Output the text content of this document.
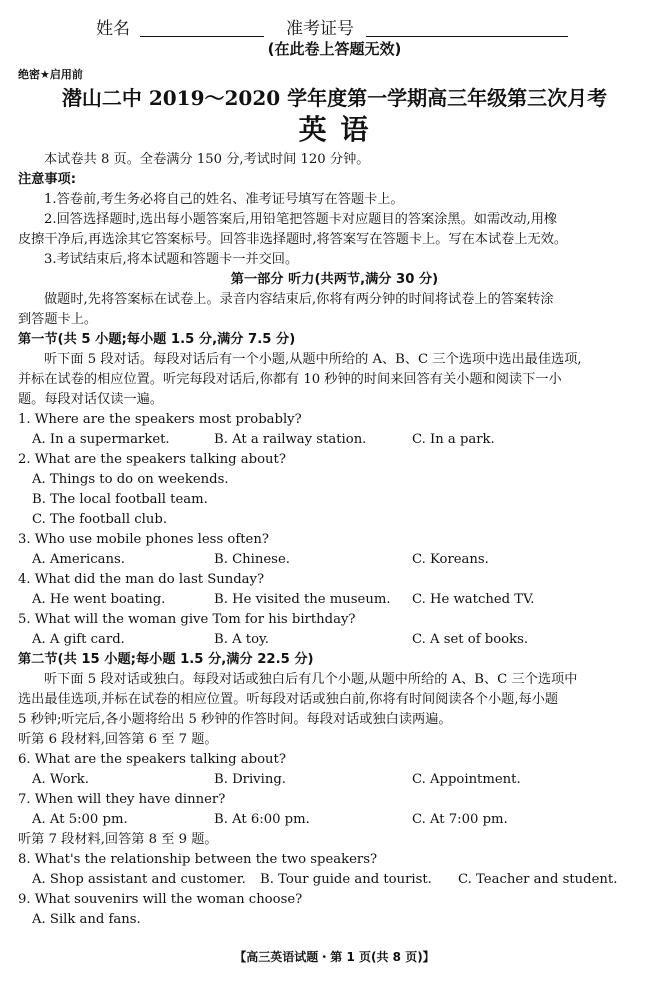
姓名	准考证号
(在此卷上答题无效)
绝密★启用前
潜山二中 2019～2020 学年度第一学期高三年级第三次月考
英 语
本试卷共 8 页。全卷满分 150 分,考试时间 120 分钟。
注意事项:
1.答卷前,考生务必将自己的姓名、准考证号填写在答题卡上。
2.回答选择题时,选出每小题答案后,用铅笔把答题卡对应题目的答案涂黑。如需改动,用橡
皮擦干净后,再选涂其它答案标号。回答非选择题时,将答案写在答题卡上。写在本试卷上无效。
3.考试结束后,将本试题和答题卡一并交回。
第一部分 听力(共两节,满分 30 分)
做题时,先将答案标在试卷上。录音内容结束后,你将有两分钟的时间将试卷上的答案转涂
到答题卡上。
第一节(共 5 小题;每小题 1.5 分,满分 7.5 分)
听下面 5 段对话。每段对话后有一个小题,从题中所给的 A、B、C 三个选项中选出最佳选项,
并标在试卷的相应位置。听完每段对话后,你都有 10 秒钟的时间来回答有关小题和阅读下一小
题。每段对话仅读一遍。
1. Where are the speakers most probably?
A. In a supermarket.	B. At a railway station.	C. In a park.
2. What are the speakers talking about?
A. Things to do on weekends.
B. The local football team.
C. The football club.
3. Who use mobile phones less often?
A. Americans.	B. Chinese.	C. Koreans.
4. What did the man do last Sunday?
A. He went boating.	B. He visited the museum. C. He watched TV.
5. What will the woman give Tom for his birthday?
A. A gift card.	B. A toy.	C. A set of books.
第二节(共 15 小题;每小题 1.5 分,满分 22.5 分)
听下面 5 段对话或独白。每段对话或独白后有几个小题,从题中所给的 A、B、C 三个选项中
选出最佳选项,并标在试卷的相应位置。听每段对话或独白前,你将有时间阅读各个小题,每小题
5 秒钟;听完后,各小题将给出 5 秒钟的作答时间。每段对话或独白读两遍。
听第 6 段材料,回答第 6 至 7 题。
6. What are the speakers talking about?
A. Work.	B. Driving.	C. Appointment.
7. When will they have dinner?
A. At 5:00 pm.	B. At 6:00 pm.	C. At 7:00 pm.
听第 7 段材料,回答第 8 至 9 题。
8. What's the relationship between the two speakers?
A. Shop assistant and customer. B. Tour guide and tourist. C. Teacher and student.
9. What souvenirs will the woman choose?
A. Silk and fans.
【高三英语试题・第 1 页(共 8 页)】
